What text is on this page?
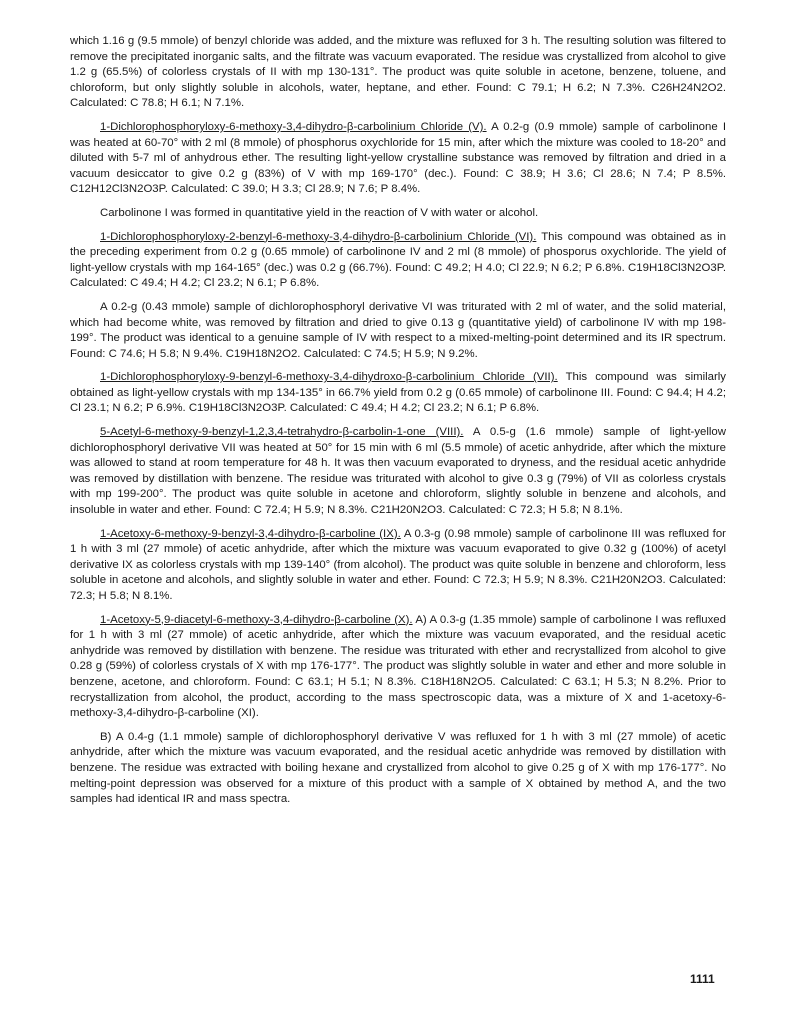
which 1.16 g (9.5 mmole) of benzyl chloride was added, and the mixture was refluxed for 3 h. The resulting solution was filtered to remove the precipitated inorganic salts, and the filtrate was vacuum evaporated. The residue was crystallized from alcohol to give 1.2 g (65.5%) of colorless crystals of II with mp 130-131°. The product was quite soluble in acetone, benzene, toluene, and chloroform, but only slightly soluble in alcohols, water, heptane, and ether. Found: C 79.1; H 6.2; N 7.3%. C26H24N2O2. Calculated: C 78.8; H 6.1; N 7.1%.

1-Dichlorophosphoryloxy-6-methoxy-3,4-dihydro-β-carbolinium Chloride (V). A 0.2-g (0.9 mmole) sample of carbolinone I was heated at 60-70° with 2 ml (8 mmole) of phosphorus oxychloride for 15 min, after which the mixture was cooled to 18-20° and diluted with 5-7 ml of anhydrous ether. The resulting light-yellow crystalline substance was removed by filtration and dried in a vacuum desiccator to give 0.2 g (83%) of V with mp 169-170° (dec.). Found: C 38.9; H 3.6; Cl 28.6; N 7.4; P 8.5%. C12H12Cl3N2O3P. Calculated: C 39.0; H 3.3; Cl 28.9; N 7.6; P 8.4%.

Carbolinone I was formed in quantitative yield in the reaction of V with water or alcohol.

1-Dichlorophosphoryloxy-2-benzyl-6-methoxy-3,4-dihydro-β-carbolinium Chloride (VI). This compound was obtained as in the preceding experiment from 0.2 g (0.65 mmole) of carbolinone IV and 2 ml (8 mmole) of phosporus oxychloride. The yield of light-yellow crystals with mp 164-165° (dec.) was 0.2 g (66.7%). Found: C 49.2; H 4.0; Cl 22.9; N 6.2; P 6.8%. C19H18Cl3N2O3P. Calculated: C 49.4; H 4.2; Cl 23.2; N 6.1; P 6.8%.

A 0.2-g (0.43 mmole) sample of dichlorophosphoryl derivative VI was triturated with 2 ml of water, and the solid material, which had become white, was removed by filtration and dried to give 0.13 g (quantitative yield) of carbolinone IV with mp 198-199°. The product was identical to a genuine sample of IV with respect to a mixed-melting-point determined and its IR spectrum. Found: C 74.6; H 5.8; N 9.4%. C19H18N2O2. Calculated: C 74.5; H 5.9; N 9.2%.

1-Dichlorophosphoryloxy-9-benzyl-6-methoxy-3,4-dihydroxo-β-carbolinium Chloride (VII). This compound was similarly obtained as light-yellow crystals with mp 134-135° in 66.7% yield from 0.2 g (0.65 mmole) of carbolinone III. Found: C 94.4; H 4.2; Cl 23.1; N 6.2; P 6.9%. C19H18Cl3N2O3P. Calculated: C 49.4; H 4.2; Cl 23.2; N 6.1; P 6.8%.

5-Acetyl-6-methoxy-9-benzyl-1,2,3,4-tetrahydro-β-carbolin-1-one (VIII). A 0.5-g (1.6 mmole) sample of light-yellow dichlorophosphoryl derivative VII was heated at 50° for 15 min with 6 ml (5.5 mmole) of acetic anhydride, after which the mixture was allowed to stand at room temperature for 48 h. It was then vacuum evaporated to dryness, and the residual acetic anhydride was removed by distillation with benzene. The residue was triturated with alcohol to give 0.3 g (79%) of VII as colorless crystals with mp 199-200°. The product was quite soluble in acetone and chloroform, slightly soluble in benzene and alcohols, and insoluble in water and ether. Found: C 72.4; H 5.9; N 8.3%. C21H20N2O3. Calculated: C 72.3; H 5.8; N 8.1%.

1-Acetoxy-6-methoxy-9-benzyl-3,4-dihydro-β-carboline (IX). A 0.3-g (0.98 mmole) sample of carbolinone III was refluxed for 1 h with 3 ml (27 mmole) of acetic anhydride, after which the mixture was vacuum evaporated to give 0.32 g (100%) of acetyl derivative IX as colorless crystals with mp 139-140° (from alcohol). The product was quite soluble in benzene and chloroform, less soluble in acetone and alcohols, and slightly soluble in water and ether. Found: C 72.3; H 5.9; N 8.3%. C21H20N2O3. Calculated: 72.3; H 5.8; N 8.1%.

1-Acetoxy-5,9-diacetyl-6-methoxy-3,4-dihydro-β-carboline (X). A) A 0.3-g (1.35 mmole) sample of carbolinone I was refluxed for 1 h with 3 ml (27 mmole) of acetic anhydride, after which the mixture was vacuum evaporated, and the residual acetic anhydride was removed by distillation with benzene. The residue was triturated with ether and recrystallized from alcohol to give 0.28 g (59%) of colorless crystals of X with mp 176-177°. The product was slightly soluble in water and ether and more soluble in benzene, acetone, and chloroform. Found: C 63.1; H 5.1; N 8.3%. C18H18N2O5. Calculated: C 63.1; H 5.3; N 8.2%. Prior to recrystallization from alcohol, the product, according to the mass spectroscopic data, was a mixture of X and 1-acetoxy-6-methoxy-3,4-dihydro-β-carboline (XI).

B) A 0.4-g (1.1 mmole) sample of dichlorophosphoryl derivative V was refluxed for 1 h with 3 ml (27 mmole) of acetic anhydride, after which the mixture was vacuum evaporated, and the residual acetic anhydride was removed by distillation with benzene. The residue was extracted with boiling hexane and crystallized from alcohol to give 0.25 g of X with mp 176-177°. No melting-point depression was observed for a mixture of this product with a sample of X obtained by method A, and the two samples had identical IR and mass spectra.

1111
